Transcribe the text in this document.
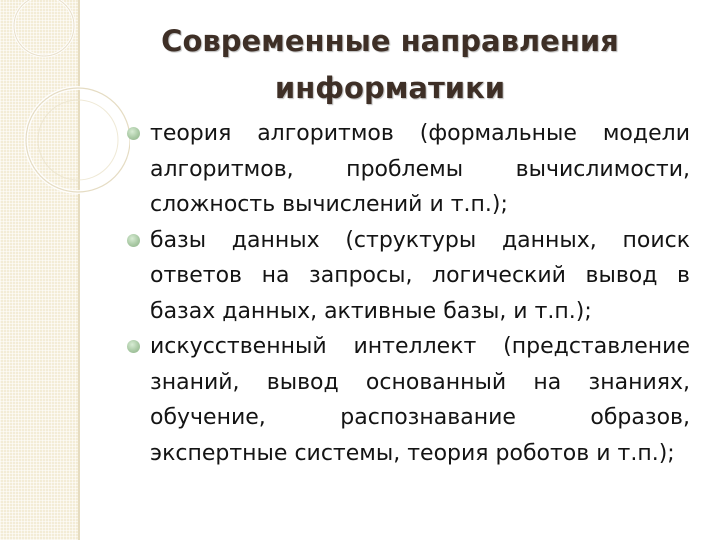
Современные направления
информатики
теория алгоритмов (формальные модели алгоритмов, проблемы вычислимости, сложность вычислений и т.п.);
базы данных (структуры данных, поиск ответов на запросы, логический вывод в базах данных, активные базы, и т.п.);
искусственный интеллект (представление знаний, вывод основанный на знаниях, обучение, распознавание образов, экспертные системы, теория роботов и т.п.);
